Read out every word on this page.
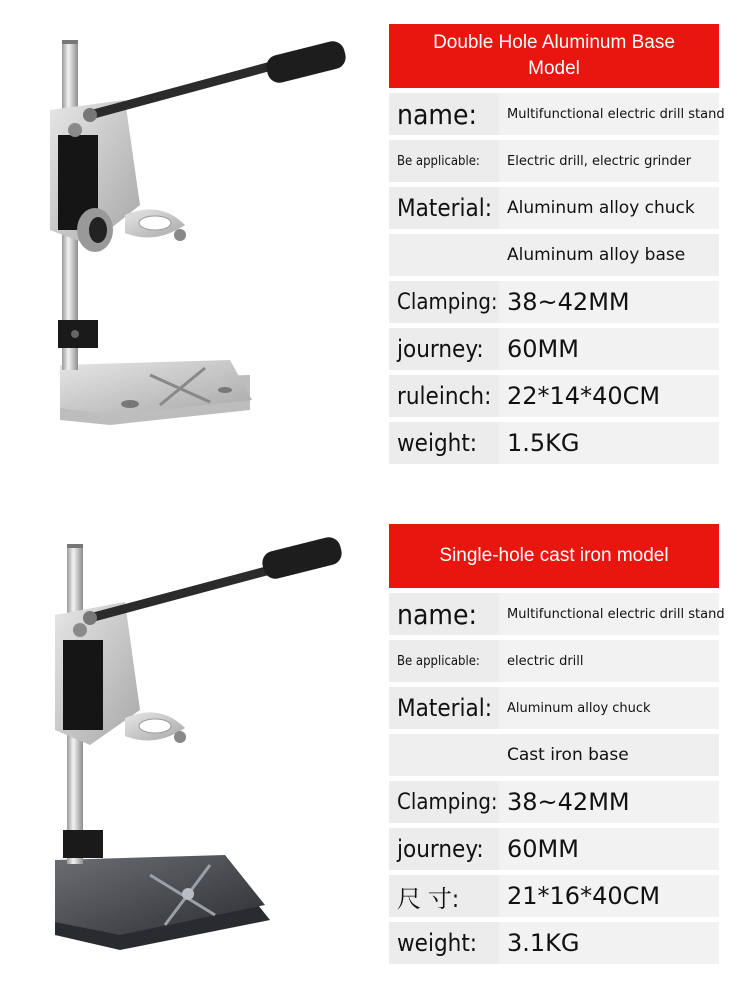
Double Hole Aluminum Base Model
name:	Multifunctional electric drill stand
Be applicable:	Electric drill, electric grinder
Material: Aluminum alloy chuck
Aluminum alloy base
Clamping: 38~42MM
journey: 60MM
ruleinch: 22*14*40CM
weight:	1.5KG
Single-hole cast iron model
name:	Multifunctional electric drill stand
Be applicable:	electric drill
Material:	Aluminum alloy chuck
Cast iron base
Clamping: 38~42MM
journey: 60MM
尺 寸:	21*16*40CM
weight:	3.1KG
